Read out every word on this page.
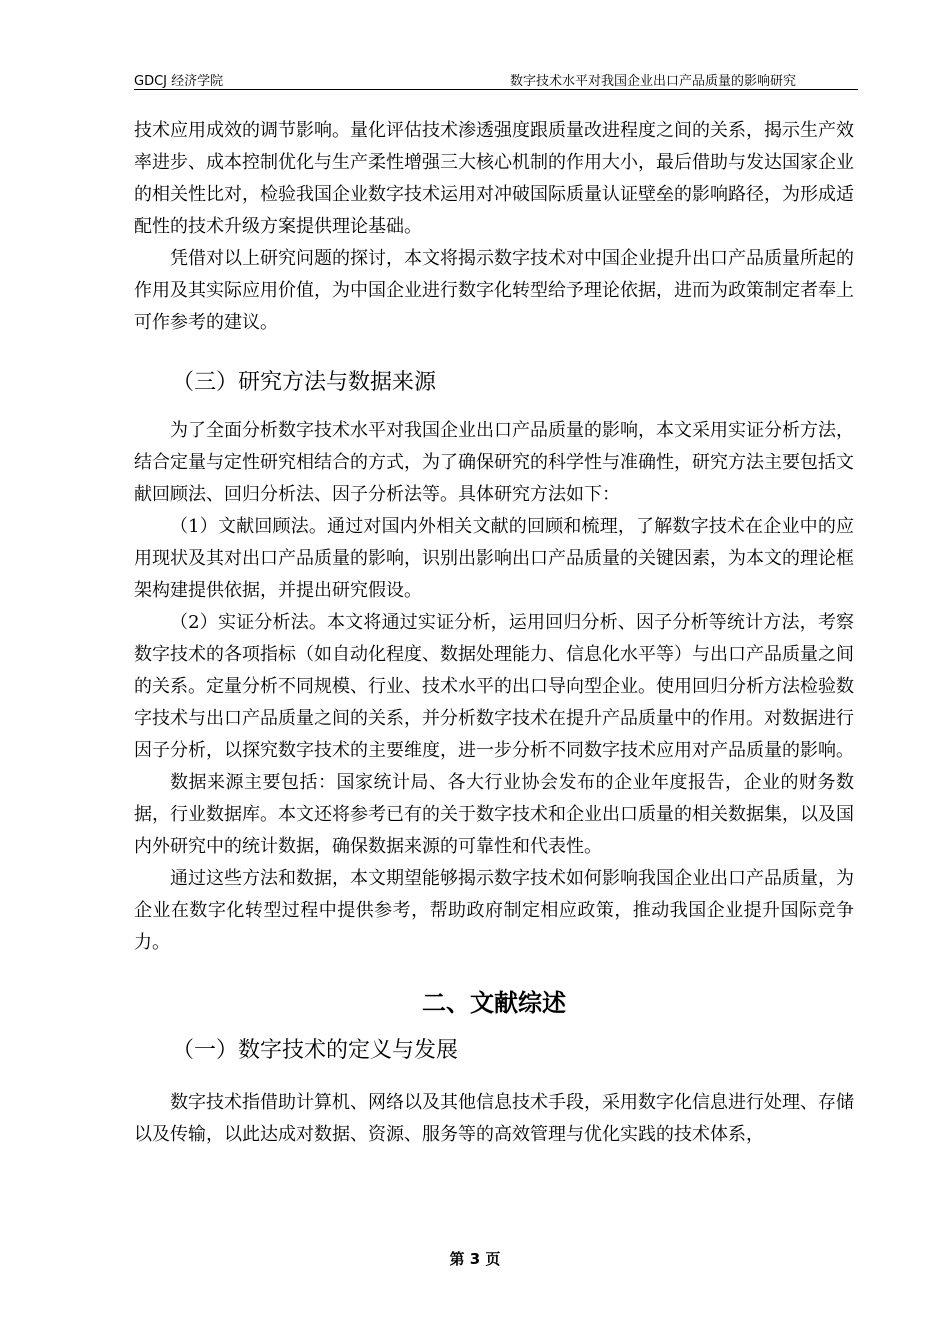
GDCJ 经济学院	数字技术水平对我国企业出口产品质量的影响研究

技术应用成效的调节影响。量化评估技术渗透强度跟质量改进程度之间的关系，揭示生产效率进步、成本控制优化与生产柔性增强三大核心机制的作用大小，最后借助与发达国家企业的相关性比对，检验我国企业数字技术运用对冲破国际质量认证壁垒的影响路径，为形成适配性的技术升级方案提供理论基础。

凭借对以上研究问题的探讨，本文将揭示数字技术对中国企业提升出口产品质量所起的作用及其实际应用价值，为中国企业进行数字化转型给予理论依据，进而为政策制定者奉上可作参考的建议。

（三）研究方法与数据来源

为了全面分析数字技术水平对我国企业出口产品质量的影响，本文采用实证分析方法，结合定量与定性研究相结合的方式，为了确保研究的科学性与准确性，研究方法主要包括文献回顾法、回归分析法、因子分析法等。具体研究方法如下：

（1）文献回顾法。通过对国内外相关文献的回顾和梳理，了解数字技术在企业中的应用现状及其对出口产品质量的影响，识别出影响出口产品质量的关键因素，为本文的理论框架构建提供依据，并提出研究假设。

（2）实证分析法。本文将通过实证分析，运用回归分析、因子分析等统计方法，考察数字技术的各项指标（如自动化程度、数据处理能力、信息化水平等）与出口产品质量之间的关系。定量分析不同规模、行业、技术水平的出口导向型企业。使用回归分析方法检验数字技术与出口产品质量之间的关系，并分析数字技术在提升产品质量中的作用。对数据进行因子分析，以探究数字技术的主要维度，进一步分析不同数字技术应用对产品质量的影响。

数据来源主要包括：国家统计局、各大行业协会发布的企业年度报告，企业的财务数据，行业数据库。本文还将参考已有的关于数字技术和企业出口质量的相关数据集，以及国内外研究中的统计数据，确保数据来源的可靠性和代表性。

通过这些方法和数据，本文期望能够揭示数字技术如何影响我国企业出口产品质量，为企业在数字化转型过程中提供参考，帮助政府制定相应政策，推动我国企业提升国际竞争力。

二、文献综述
（一）数字技术的定义与发展

数字技术指借助计算机、网络以及其他信息技术手段，采用数字化信息进行处理、存储以及传输，以此达成对数据、资源、服务等的高效管理与优化实践的技术体系，

第 3 页
